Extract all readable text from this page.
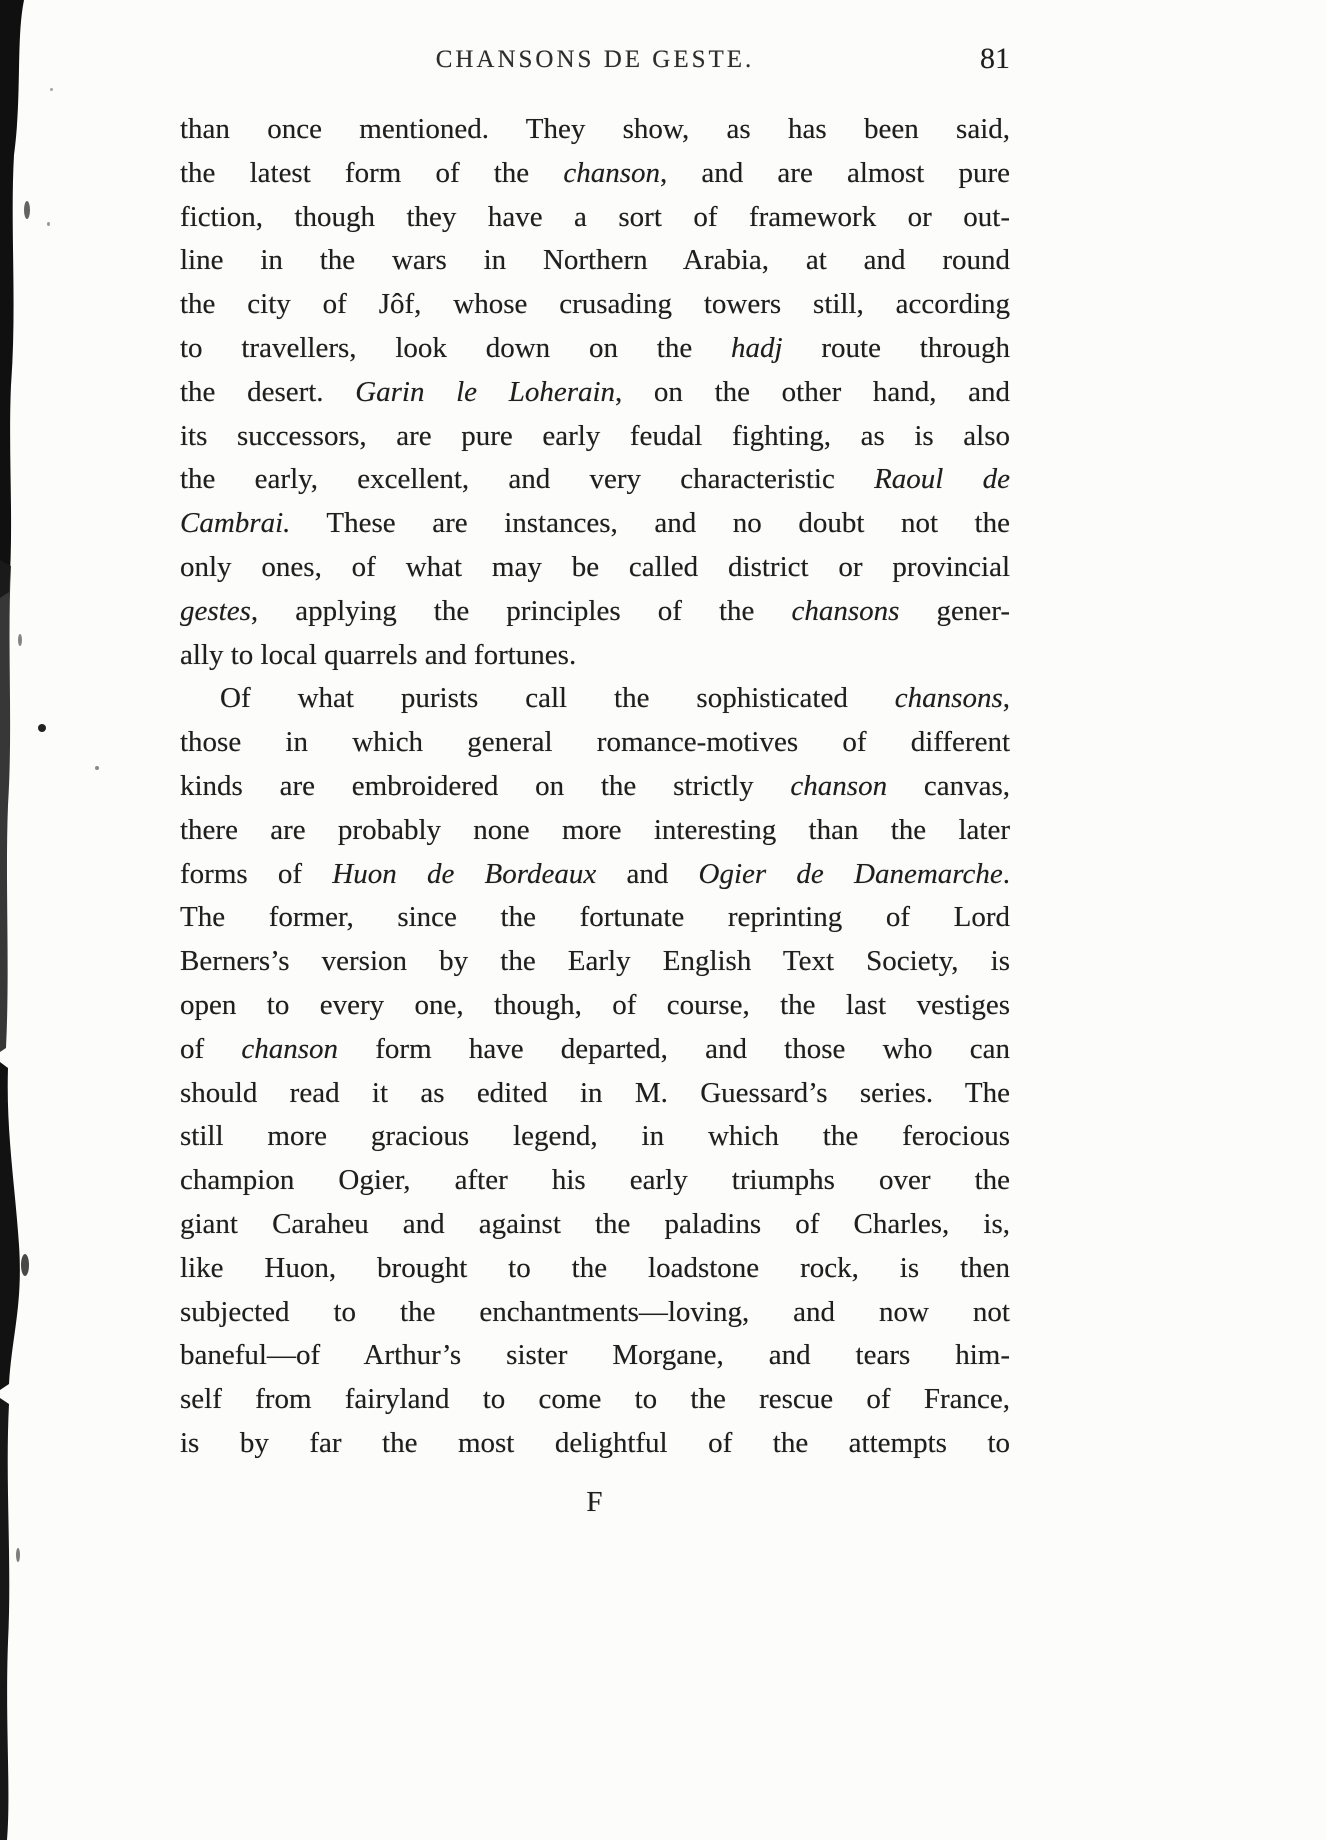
CHANSONS DE GESTE.	81
than once mentioned. They show, as has been said,
the latest form of the chanson, and are almost pure
fiction, though they have a sort of framework or out-
line in the wars in Northern Arabia, at and round
the city of Jôf, whose crusading towers still, according
to travellers, look down on the hadj route through
the desert. Garin le Loherain, on the other hand, and
its successors, are pure early feudal fighting, as is also
the early, excellent, and very characteristic Raoul de
Cambrai. These are instances, and no doubt not the
only ones, of what may be called district or provincial
gestes, applying the principles of the chansons gener-
ally to local quarrels and fortunes.
Of what purists call the sophisticated chansons,
those in which general romance-motives of different
kinds are embroidered on the strictly chanson canvas,
there are probably none more interesting than the later
forms of Huon de Bordeaux and Ogier de Danemarche.
The former, since the fortunate reprinting of Lord
Berners’s version by the Early English Text Society, is
open to every one, though, of course, the last vestiges
of chanson form have departed, and those who can
should read it as edited in M. Guessard’s series. The
still more gracious legend, in which the ferocious
champion Ogier, after his early triumphs over the
giant Caraheu and against the paladins of Charles, is,
like Huon, brought to the loadstone rock, is then
subjected to the enchantments—loving, and now not
baneful—of Arthur’s sister Morgane, and tears him-
self from fairyland to come to the rescue of France,
is by far the most delightful of the attempts to
F
